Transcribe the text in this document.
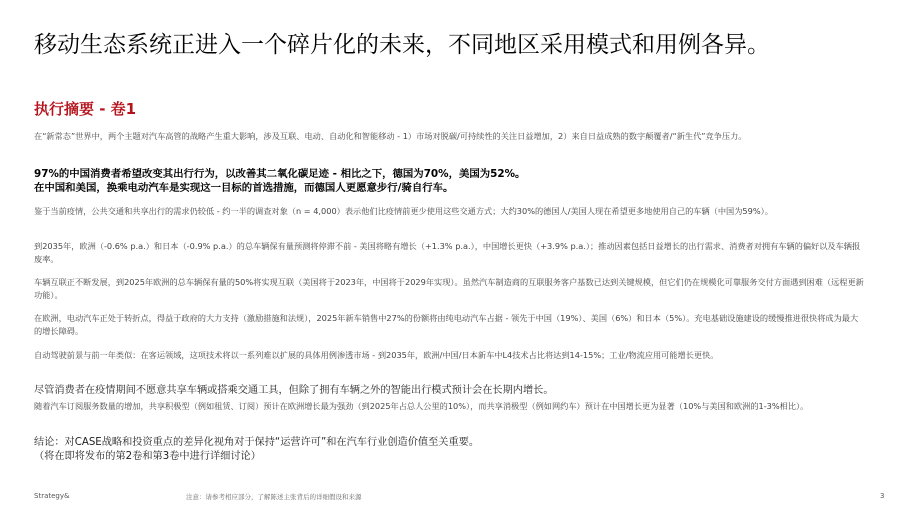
移动生态系统正进入一个碎片化的未来，不同地区采用模式和用例各异。
执行摘要 - 卷1
在“新常态”世界中，两个主题对汽车高管的战略产生重大影响，涉及互联、电动、自动化和智能移动 - 1）市场对脱碳/可持续性的关注日益增加，2）来自日益成熟的数字颠覆者/“新生代”竞争压力。
97%的中国消费者希望改变其出行行为，以改善其二氧化碳足迹 - 相比之下，德国为70%，美国为52%。
在中国和美国，换乘电动汽车是实现这一目标的首选措施，而德国人更愿意步行/骑自行车。
鉴于当前疫情，公共交通和共享出行的需求仍较低 - 约一半的调查对象（n = 4,000）表示他们比疫情前更少使用这些交通方式；大约30%的德国人/美国人现在希望更多地使用自己的车辆（中国为59%）。
到2035年，欧洲（-0.6% p.a.）和日本（-0.9% p.a.）的总车辆保有量预测将停滞不前 - 美国将略有增长（+1.3% p.a.），中国增长更快（+3.9% p.a.）；推动因素包括日益增长的出行需求、消费者对拥有车辆的偏好以及车辆报废率。
车辆互联正不断发展，到2025年欧洲的总车辆保有量的50%将实现互联（美国将于2023年，中国将于2029年实现）。虽然汽车制造商的互联服务客户基数已达到关键规模，但它们仍在规模化可靠服务交付方面遇到困难（远程更新功能）。
在欧洲，电动汽车正处于转折点，得益于政府的大力支持（激励措施和法规），2025年新车销售中27%的份额将由纯电动汽车占据 - 领先于中国（19%）、美国（6%）和日本（5%）。充电基础设施建设的缓慢推进很快将成为最大的增长障碍。
自动驾驶前景与前一年类似：在客运领域，这项技术将以一系列难以扩展的具体用例渗透市场 - 到2035年，欧洲/中国/日本新车中L4技术占比将达到14-15%；工业/物流应用可能增长更快。
尽管消费者在疫情期间不愿意共享车辆或搭乘交通工具，但除了拥有车辆之外的智能出行模式预计会在长期内增长。
随着汽车订阅服务数量的增加，共享积极型（例如租赁、订阅）预计在欧洲增长最为强劲（到2025年占总人公里的10%），而共享消极型（例如网约车）预计在中国增长更为显著（10%与美国和欧洲的1-3%相比）。
结论：对CASE战略和投资重点的差异化视角对于保持“运营许可”和在汽车行业创造价值至关重要。
（将在即将发布的第2卷和第3卷中进行详细讨论）
Strategy&	注意：请参考相应部分，了解陈述主张背后的详细假设和来源	3
